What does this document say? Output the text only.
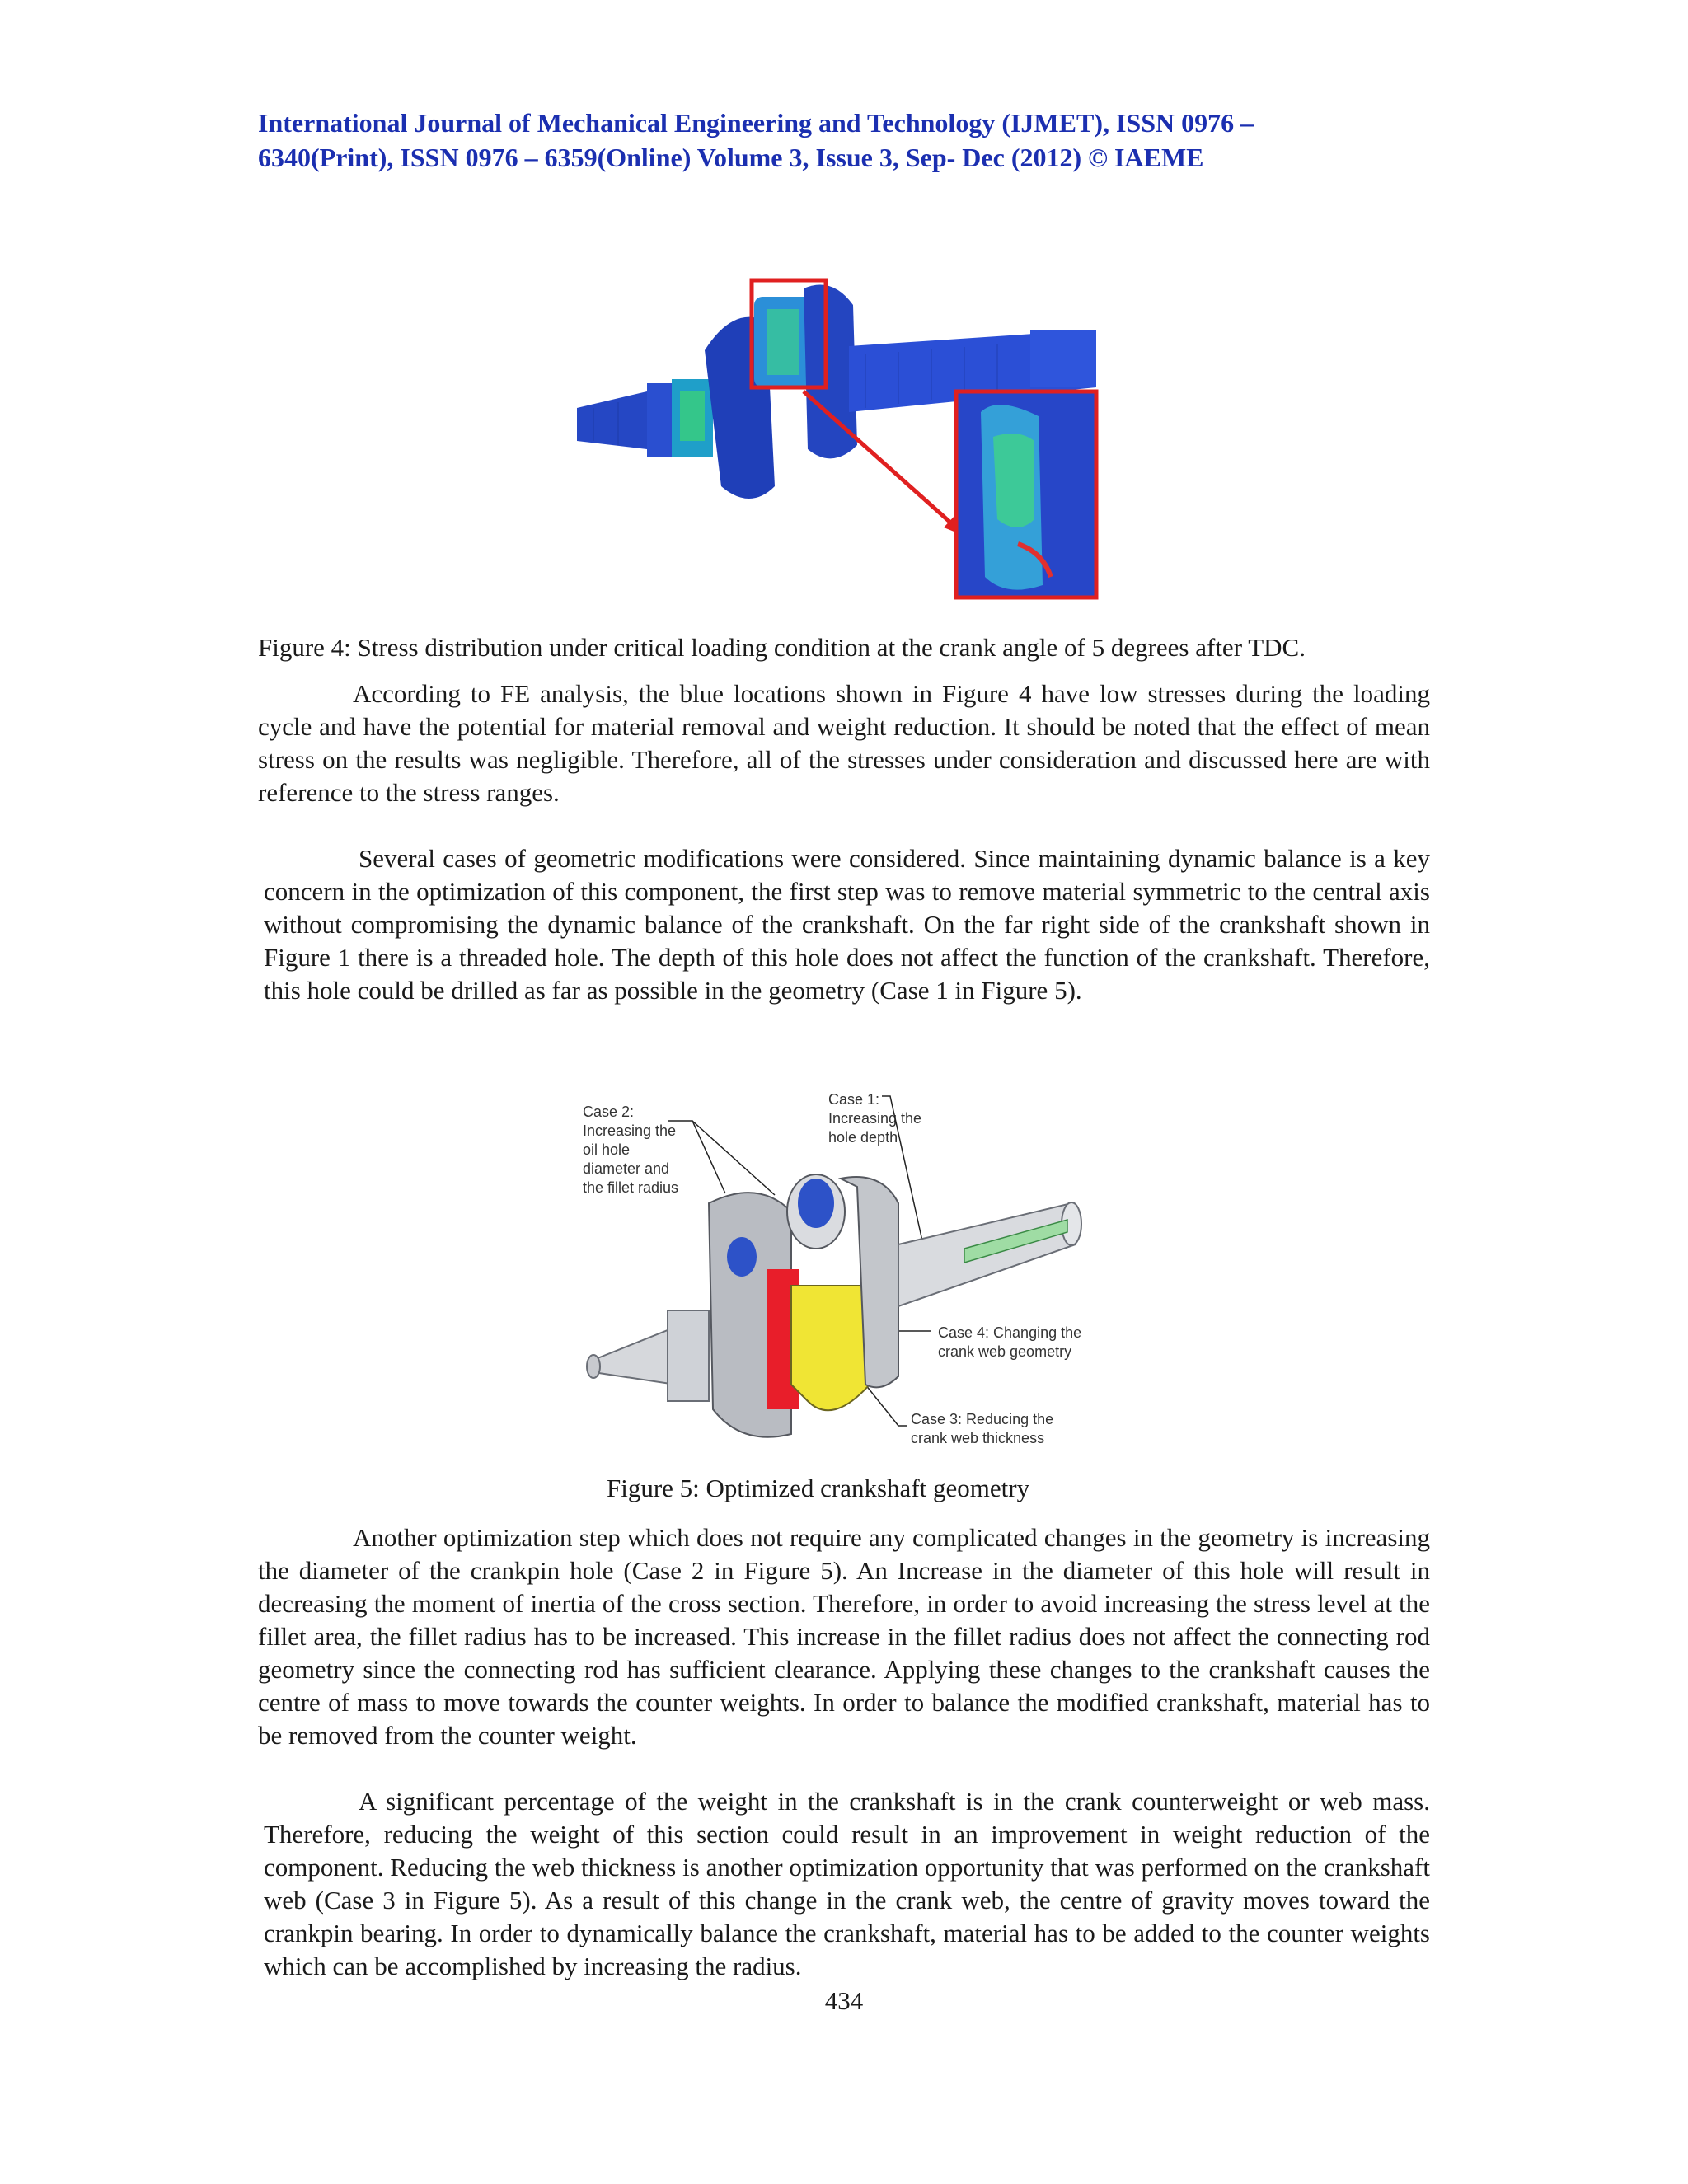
International Journal of Mechanical Engineering and Technology (IJMET), ISSN 0976 –
6340(Print), ISSN 0976 – 6359(Online) Volume 3, Issue 3, Sep- Dec (2012) © IAEME
Figure 4: Stress distribution under critical loading condition at the crank angle of 5 degrees after TDC.
According to FE analysis, the blue locations shown in Figure 4 have low stresses during the loading cycle and have the potential for material removal and weight reduction. It should be noted that the effect of mean stress on the results was negligible. Therefore, all of the stresses under consideration and discussed here are with reference to the stress ranges.
Several cases of geometric modifications were considered. Since maintaining dynamic balance is a key concern in the optimization of this component, the first step was to remove material symmetric to the central axis without compromising the dynamic balance of the crankshaft. On the far right side of the crankshaft shown in Figure 1 there is a threaded hole. The depth of this hole does not affect the function of the crankshaft. Therefore, this hole could be drilled as far as possible in the geometry (Case 1 in Figure 5).
Case 2:
Increasing the
oil hole
diameter and
the fillet radius
Case 1:
Increasing the
hole depth
Case 4: Changing the
crank web geometry
Case 3: Reducing the
crank web thickness
Figure 5: Optimized crankshaft geometry
Another optimization step which does not require any complicated changes in the geometry is increasing the diameter of the crankpin hole (Case 2 in Figure 5). An Increase in the diameter of this hole will result in decreasing the moment of inertia of the cross section. Therefore, in order to avoid increasing the stress level at the fillet area, the fillet radius has to be increased. This increase in the fillet radius does not affect the connecting rod geometry since the connecting rod has sufficient clearance. Applying these changes to the crankshaft causes the centre of mass to move towards the counter weights. In order to balance the modified crankshaft, material has to be removed from the counter weight.
A significant percentage of the weight in the crankshaft is in the crank counterweight or web mass. Therefore, reducing the weight of this section could result in an improvement in weight reduction of the component. Reducing the web thickness is another optimization opportunity that was performed on the crankshaft web (Case 3 in Figure 5). As a result of this change in the crank web, the centre of gravity moves toward the crankpin bearing. In order to dynamically balance the crankshaft, material has to be added to the counter weights which can be accomplished by increasing the radius.
434
